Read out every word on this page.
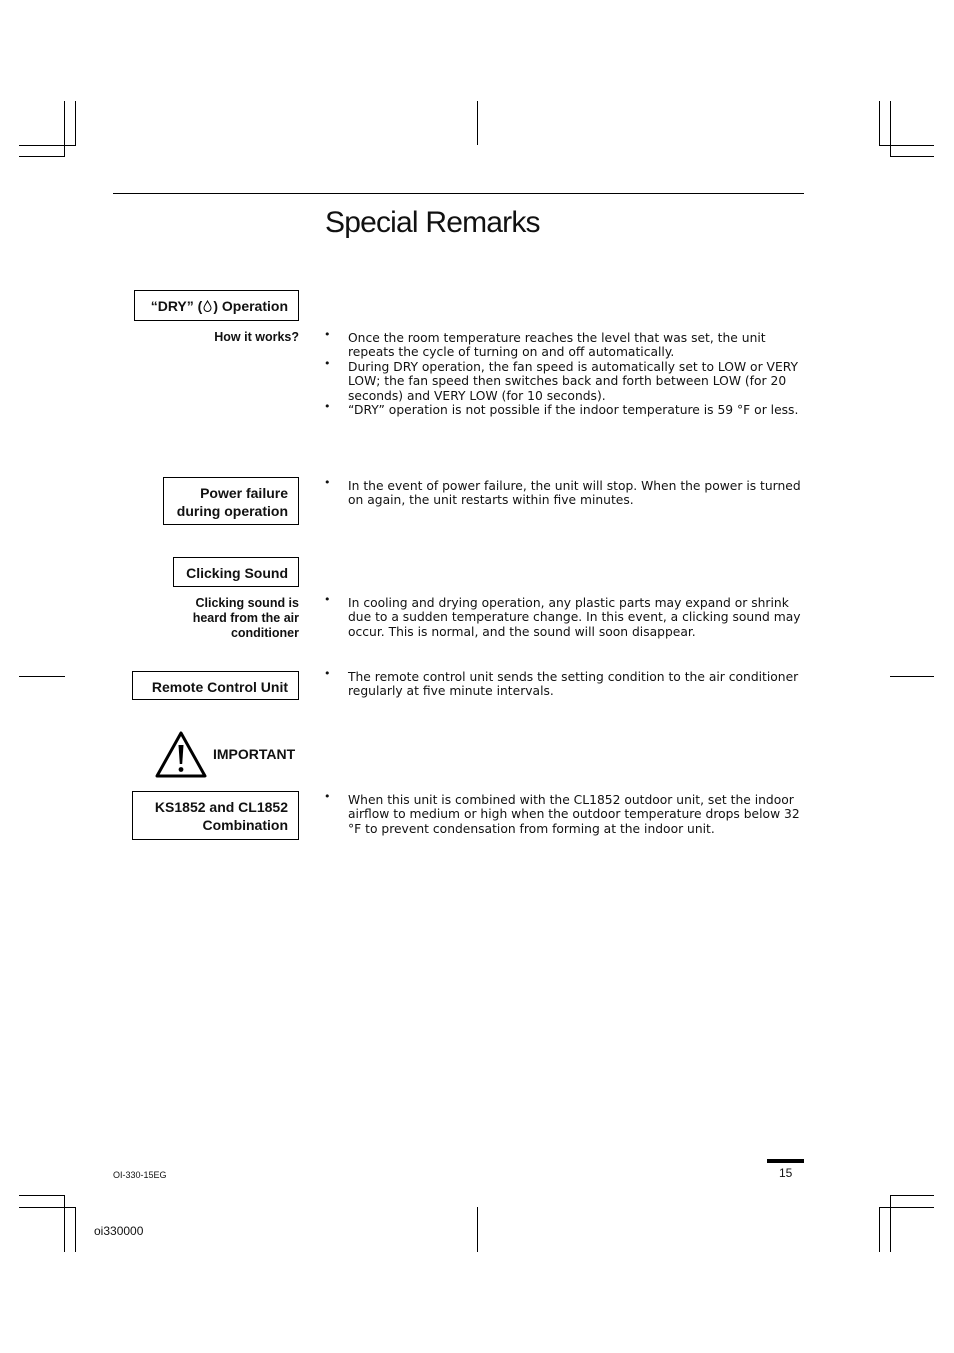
Special Remarks
“DRY” ( ) Operation
How it works? • Once the room temperature reaches the level that was set, the unit repeats the cycle of turning on and off automatically.

• During DRY operation, the fan speed is automatically set to LOW or VERY LOW; the fan speed then switches back and forth between LOW (for 20 seconds) and VERY LOW (for 10 seconds).

• “DRY” operation is not possible if the indoor temperature is 59 °F or less.

Power failure
during operation

• In the event of power failure, the unit will stop. When the power is turned on again, the unit restarts within five minutes.

Clicking Sound
Clicking sound is
heard from the air
conditioner

• In cooling and drying operation, any plastic parts may expand or shrink due to a sudden temperature change. In this event, a clicking sound may occur. This is normal, and the sound will soon disappear.

Remote Control Unit

• The remote control unit sends the setting condition to the air conditioner regularly at five minute intervals.

IMPORTANT
KS1852 and CL1852
Combination

• When this unit is combined with the CL1852 outdoor unit, set the indoor airflow to medium or high when the outdoor temperature drops below 32 °F to prevent condensation from forming at the indoor unit.

15
OI-330-15EG
oi330000
